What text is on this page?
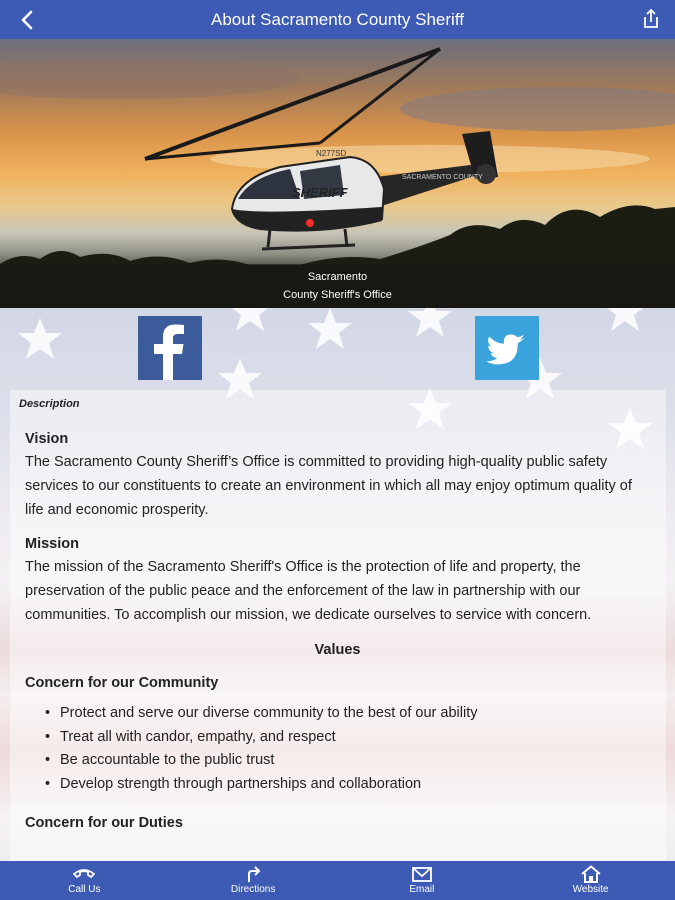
About Sacramento County Sheriff
SACRAMENTO COUNTY
SHERIFF
N277SD
Sacramento
County Sheriff's Office
Description
Vision

The Sacramento County Sheriff’s Office is committed to providing high-quality public safety services to our constituents to create an environment in which all may enjoy optimum quality of life and economic prosperity.

Mission

The mission of the Sacramento Sheriff's Office is the protection of life and property, the preservation of the public peace and the enforcement of the law in partnership with our communities. To accomplish our mission, we dedicate ourselves to service with concern.

Values
Concern for our Community
• Protect and serve our diverse community to the best of our ability
• Treat all with candor, empathy, and respect
• Be accountable to the public trust
• Develop strength through partnerships and collaboration
Concern for our Duties
Call Us	Directions	Email	Website
